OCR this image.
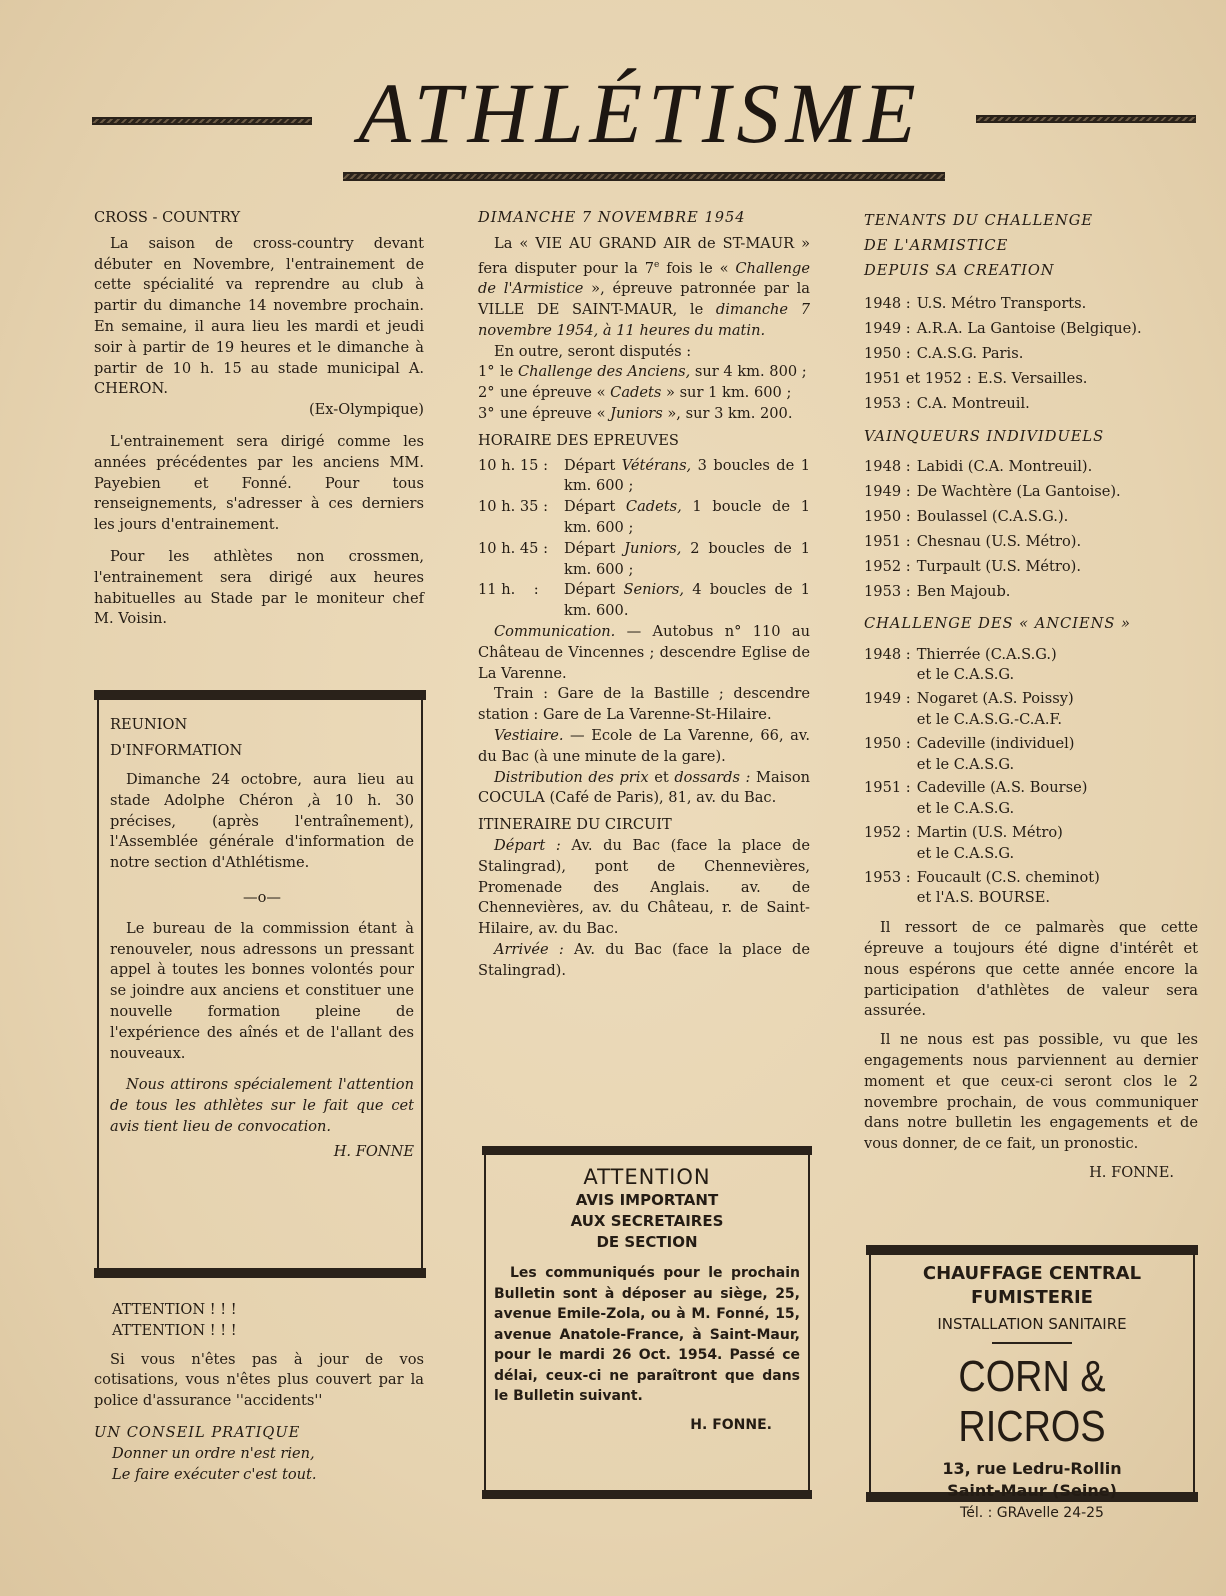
ATHLÉTISME

CROSS - COUNTRY

La saison de cross-country devant débuter en Novembre, l'entrainement de cette spécialité va reprendre au club à partir du dimanche 14 novembre prochain. En semaine, il aura lieu les mardi et jeudi soir à partir de 19 heures et le dimanche à partir de 10 h. 15 au stade municipal A. CHERON.

(Ex-Olympique)

L'entrainement sera dirigé comme les années précédentes par les anciens MM. Payebien et Fonné. Pour tous renseignements, s'adresser à ces derniers les jours d'entrainement.

Pour les athlètes non crossmen, l'entrainement sera dirigé aux heures habituelles au Stade par le moniteur chef M. Voisin.

REUNION

D'INFORMATION

Dimanche 24 octobre, aura lieu au stade Adolphe Chéron ,à 10 h. 30 précises, (après l'entraînement), l'Assemblée générale d'information de notre section d'Athlétisme.

—o—

Le bureau de la commission étant à renouveler, nous adressons un pressant appel à toutes les bonnes volontés pour se joindre aux anciens et constituer une nouvelle formation pleine de l'expérience des aînés et de l'allant des nouveaux.

Nous attirons spécialement l'attention de tous les athlètes sur le fait que cet avis tient lieu de convocation.

H. FONNE

ATTENTION ! ! !

ATTENTION ! ! !

Si vous n'êtes pas à jour de vos cotisations, vous n'êtes plus couvert par la police d'assurance ''accidents''

UN CONSEIL PRATIQUE

Donner un ordre n'est rien,

Le faire exécuter c'est tout.

DIMANCHE 7 NOVEMBRE 1954

La « VIE AU GRAND AIR de ST-MAUR » fera disputer pour la 7e fois le « Challenge de l'Armistice », épreuve patronnée par la VILLE DE SAINT-MAUR, le dimanche 7 novembre 1954, à 11 heures du matin.

En outre, seront disputés :

1° le Challenge des Anciens, sur 4 km. 800 ;
2° une épreuve « Cadets » sur 1 km. 600 ;
3° une épreuve « Juniors », sur 3 km. 200.

HORAIRE DES EPREUVES

10 h. 15 :	Départ Vétérans, 3 boucles de 1 km. 600 ;
10 h. 35 :	Départ Cadets, 1 boucle de 1 km. 600 ;
10 h. 45 :	Départ Juniors, 2 boucles de 1 km. 600 ;
11 h.    :	Départ Seniors, 4 boucles de 1 km. 600.

Communication. — Autobus n° 110 au Château de Vincennes ; descendre Eglise de La Varenne.

Train : Gare de la Bastille ; descendre station : Gare de La Varenne-St-Hilaire.

Vestiaire. — Ecole de La Varenne, 66, av. du Bac (à une minute de la gare).

Distribution des prix et dossards : Maison COCULA (Café de Paris), 81, av. du Bac.

ITINERAIRE DU CIRCUIT

Départ : Av. du Bac (face la place de Stalingrad), pont de Chennevières, Promenade des Anglais. av. de Chennevières, av. du Château, r. de Saint-Hilaire, av. du Bac.

Arrivée : Av. du Bac (face la place de Stalingrad).

ATTENTION

AVIS IMPORTANT

AUX SECRETAIRES

DE SECTION

Les communiqués pour le prochain Bulletin sont à déposer au siège, 25, avenue Emile-Zola, ou à M. Fonné, 15, avenue Anatole-France, à Saint-Maur, pour le mardi 26 Oct. 1954. Passé ce délai, ceux-ci ne paraîtront que dans le Bulletin suivant.

H. FONNE.

TENANTS DU CHALLENGE

DE L'ARMISTICE

DEPUIS SA CREATION

1948 : U.S. Métro Transports.
1949 : A.R.A. La Gantoise (Belgique).
1950 : C.A.S.G. Paris.
1951 et 1952 : E.S. Versailles.
1953 : C.A. Montreuil.

VAINQUEURS INDIVIDUELS

1948 : Labidi (C.A. Montreuil).
1949 : De Wachtère (La Gantoise).
1950 : Boulassel (C.A.S.G.).
1951 : Chesnau (U.S. Métro).
1952 : Turpault (U.S. Métro).
1953 : Ben Majoub.

CHALLENGE DES « ANCIENS »

1948 : Thierrée (C.A.S.G.)
et le C.A.S.G.
1949 : Nogaret (A.S. Poissy)
et le C.A.S.G.-C.A.F.
1950 : Cadeville (individuel)
et le C.A.S.G.
1951 : Cadeville (A.S. Bourse)
et le C.A.S.G.
1952 : Martin (U.S. Métro)
et le C.A.S.G.
1953 : Foucault (C.S. cheminot)
et l'A.S. BOURSE.

Il ressort de ce palmarès que cette épreuve a toujours été digne d'intérêt et nous espérons que cette année encore la participation d'athlètes de valeur sera assurée.

Il ne nous est pas possible, vu que les engagements nous parviennent au dernier moment et que ceux-ci seront clos le 2 novembre prochain, de vous communiquer dans notre bulletin les engagements et de vous donner, de ce fait, un pronostic.

H. FONNE.

CHAUFFAGE CENTRAL

FUMISTERIE

INSTALLATION SANITAIRE

CORN & RICROS

13, rue Ledru-Rollin

Saint-Maur (Seine)

Tél. : GRAvelle 24-25
